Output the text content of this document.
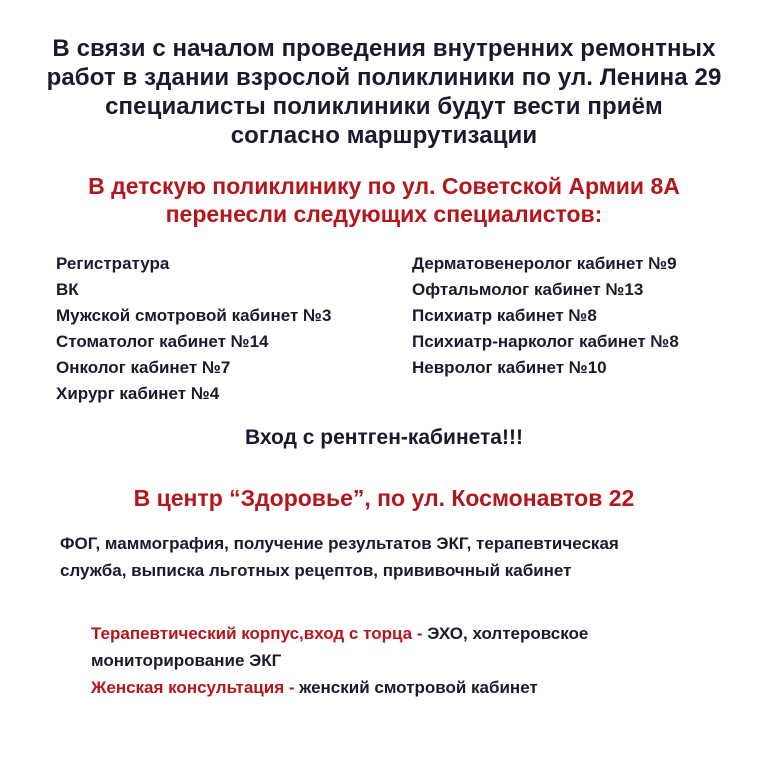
В связи с началом проведения внутренних ремонтных
работ в здании взрослой поликлиники по ул. Ленина 29
специалисты поликлиники будут вести приём
согласно маршрутизации
В детскую поликлинику по ул. Советской Армии 8А
перенесли следующих специалистов:
Регистратура
ВК
Мужской смотровой кабинет №3
Стоматолог кабинет №14
Онколог кабинет №7
Хирург кабинет №4
Дерматовенеролог кабинет №9
Офтальмолог кабинет №13
Психиатр кабинет №8
Психиатр-нарколог кабинет №8
Невролог кабинет №10
Вход с рентген-кабинета!!!
В центр “Здоровье”, по ул. Космонавтов 22
ФОГ, маммография, получение результатов ЭКГ, терапевтическая
служба, выписка льготных рецептов, прививочный кабинет
Терапевтический корпус,вход с торца - ЭХО, холтеровское
мониторирование ЭКГ
Женская консультация - женский смотровой кабинет
